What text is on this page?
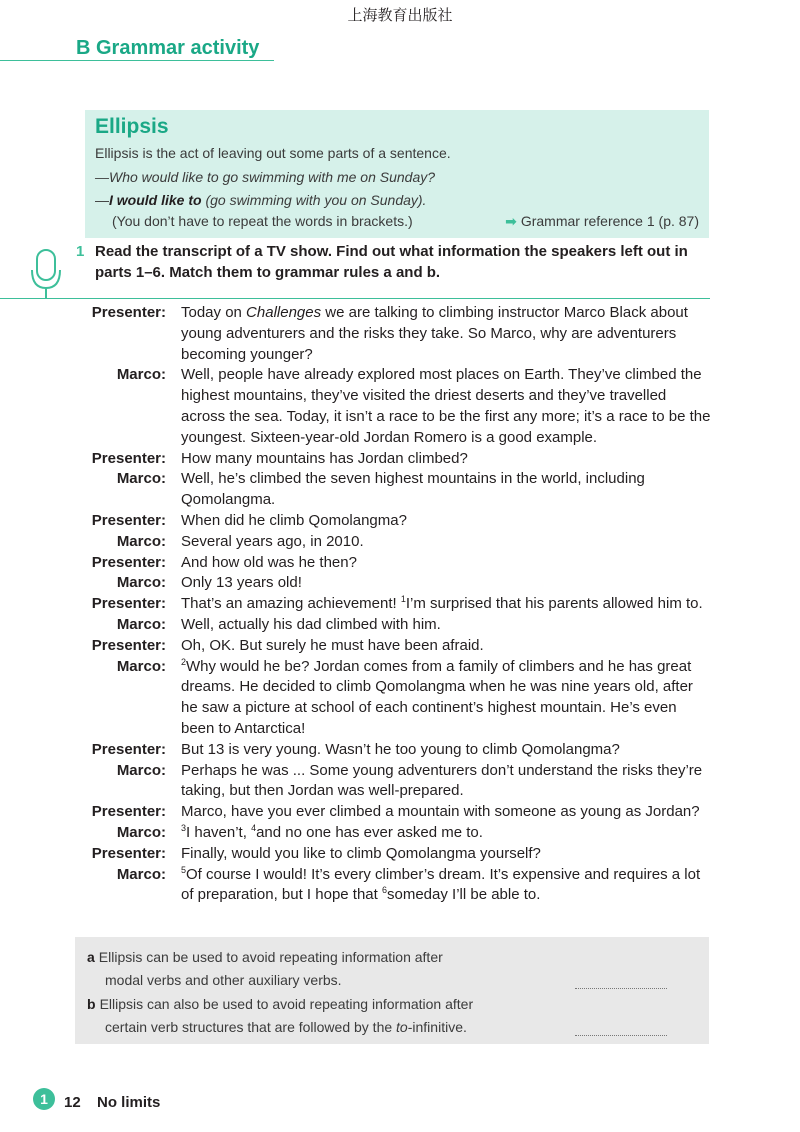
上海教育出版社
B Grammar activity
Ellipsis
Ellipsis is the act of leaving out some parts of a sentence.
—Who would like to go swimming with me on Sunday?
—I would like to (go swimming with you on Sunday).
(You don’t have to repeat the words in brackets.)	➡ Grammar reference 1 (p. 87)
1 Read the transcript of a TV show. Find out what information the speakers left out in parts 1–6. Match them to grammar rules a and b.
Presenter: Today on Challenges we are talking to climbing instructor Marco Black about young adventurers and the risks they take. So Marco, why are adventurers becoming younger?
Marco: Well, people have already explored most places on Earth. They’ve climbed the highest mountains, they’ve visited the driest deserts and they’ve travelled across the sea. Today, it isn’t a race to be the first any more; it’s a race to be the youngest. Sixteen-year-old Jordan Romero is a good example.
Presenter: How many mountains has Jordan climbed?
Marco: Well, he’s climbed the seven highest mountains in the world, including Qomolangma.
Presenter: When did he climb Qomolangma?
Marco: Several years ago, in 2010.
Presenter: And how old was he then?
Marco: Only 13 years old!
Presenter: That’s an amazing achievement! $^1$I’m surprised that his parents allowed him to.
Marco: Well, actually his dad climbed with him.
Presenter: Oh, OK. But surely he must have been afraid.
Marco: $^2$Why would he be? Jordan comes from a family of climbers and he has great dreams. He decided to climb Qomolangma when he was nine years old, after he saw a picture at school of each continent’s highest mountain. He’s even been to Antarctica!
Presenter: But 13 is very young. Wasn’t he too young to climb Qomolangma?
Marco: Perhaps he was ... Some young adventurers don’t understand the risks they’re taking, but then Jordan was well-prepared.
Presenter: Marco, have you ever climbed a mountain with someone as young as Jordan?
Marco: $^3$I haven’t, $^4$and no one has ever asked me to.
Presenter: Finally, would you like to climb Qomolangma yourself?
Marco: $^5$Of course I would! It’s every climber’s dream. It’s expensive and requires a lot of preparation, but I hope that $^6$someday I’ll be able to.
a Ellipsis can be used to avoid repeating information after
modal verbs and other auxiliary verbs.
b Ellipsis can also be used to avoid repeating information after
certain verb structures that are followed by the to-infinitive.
1	12 No limits
